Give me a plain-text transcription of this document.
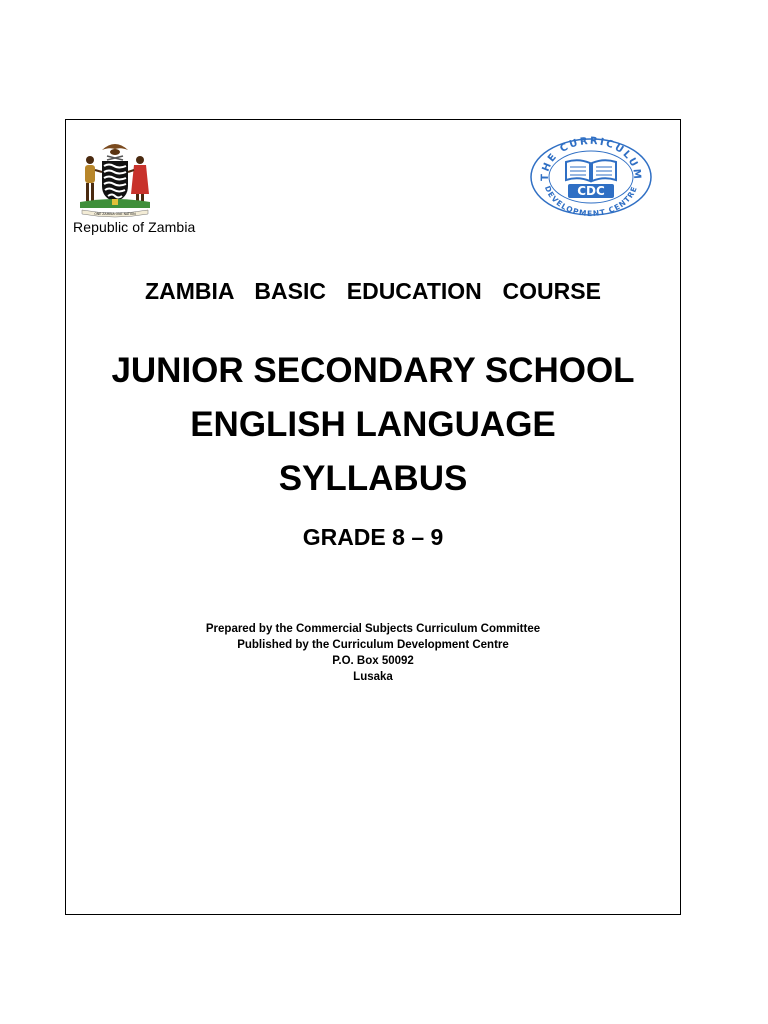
ONE ZAMBIA ONE NATION
Republic of Zambia
THE CURRICULUM
DEVELOPMENT CENTRE
CDC
ZAMBIA  BASIC  EDUCATION  COURSE
JUNIOR SECONDARY SCHOOL
ENGLISH LANGUAGE
SYLLABUS
GRADE 8 – 9
Prepared by the Commercial Subjects Curriculum Committee
Published by the Curriculum Development Centre
P.O. Box 50092
Lusaka
